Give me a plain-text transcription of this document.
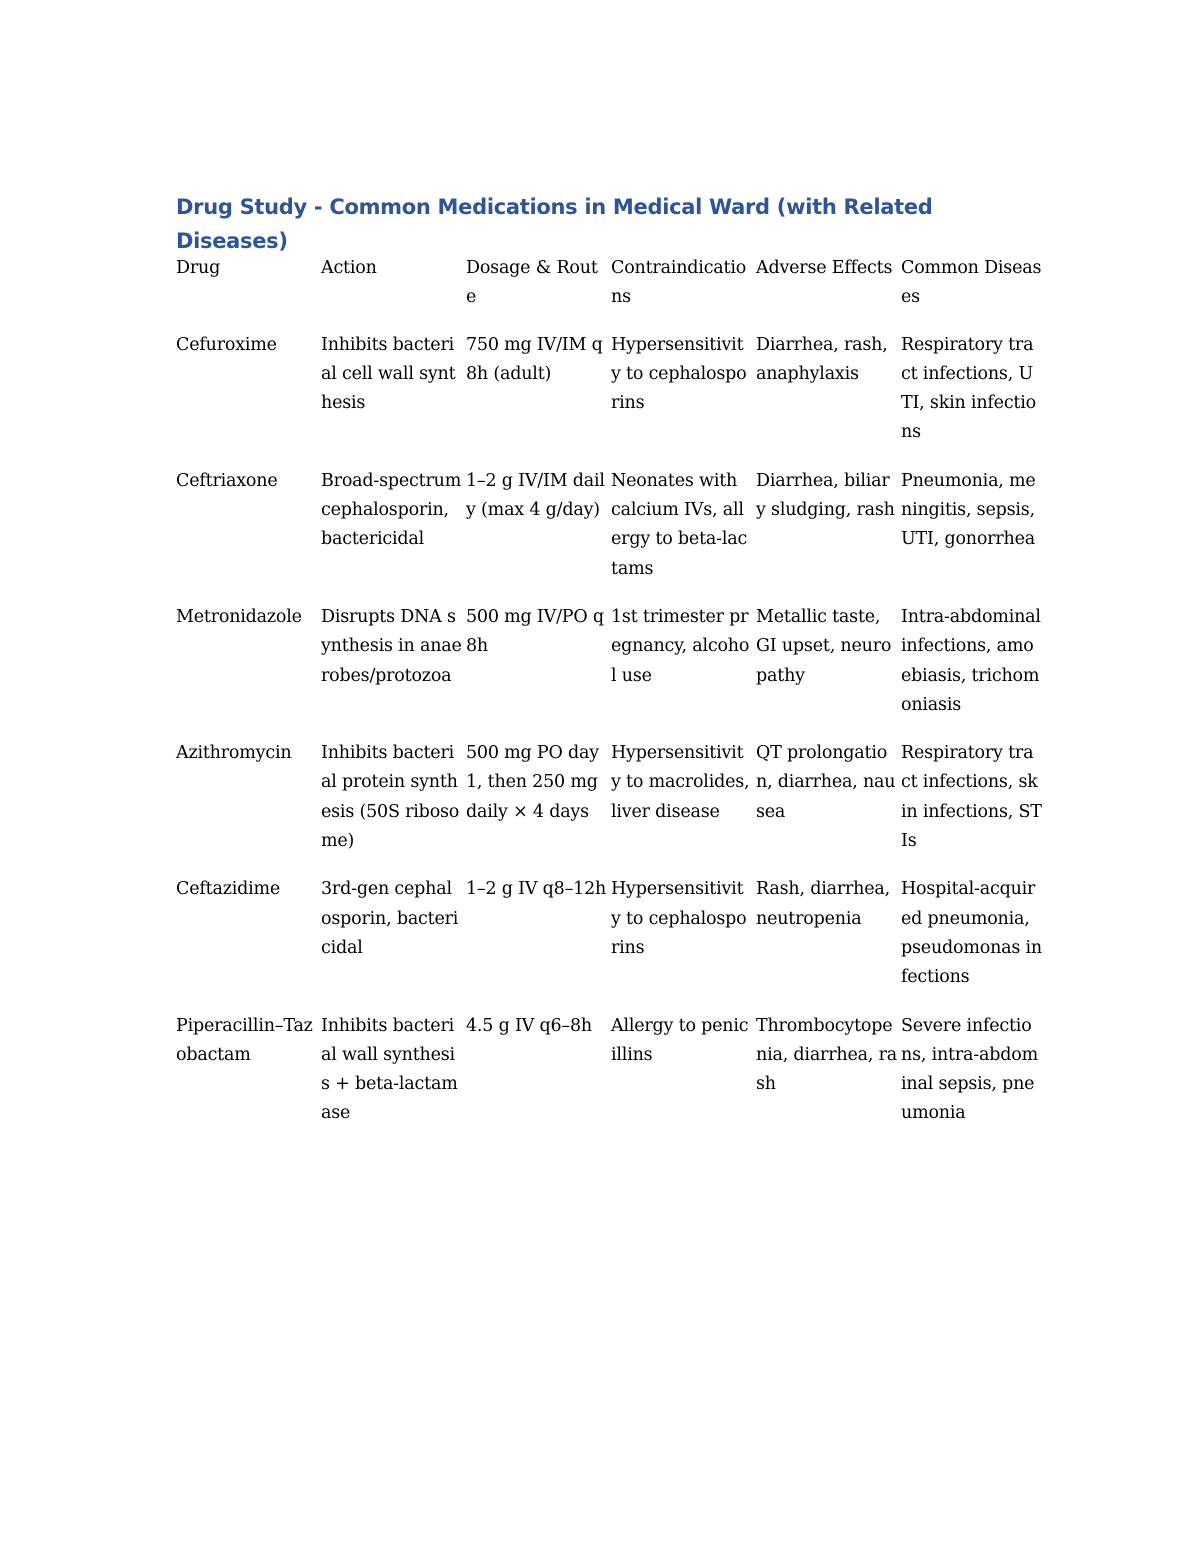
Drug Study - Common Medications in Medical Ward (with Related Diseases)
Drug	Action	Dosage & Route	Contraindications	Adverse Effects	Common Diseases
Cefuroxime	Inhibits bacterial cell wall synthesis	750 mg IV/IM q8h (adult)	Hypersensitivity to cephalosporins	Diarrhea, rash, anaphylaxis	Respiratory tract infections, UTI, skin infections
Ceftriaxone	Broad-spectrum cephalosporin, bactericidal	1–2 g IV/IM daily (max 4 g/day)	Neonates with calcium IVs, allergy to beta-lactams	Diarrhea, biliary sludging, rash	Pneumonia, meningitis, sepsis, UTI, gonorrhea
Metronidazole	Disrupts DNA synthesis in anaerobes/protozoa	500 mg IV/PO q8h	1st trimester pregnancy, alcohol use	Metallic taste, GI upset, neuropathy	Intra-abdominal infections, amoebiasis, trichomoniasis
Azithromycin	Inhibits bacterial protein synthesis (50S ribosome)	500 mg PO day 1, then 250 mg daily × 4 days	Hypersensitivity to macrolides, liver disease	QT prolongation, diarrhea, nausea	Respiratory tract infections, skin infections, STIs
Ceftazidime	3rd-gen cephalosporin, bactericidal	1–2 g IV q8–12h	Hypersensitivity to cephalosporins	Rash, diarrhea, neutropenia	Hospital-acquired pneumonia, pseudomonas infections
Piperacillin–Tazobactam	Inhibits bacterial wall synthesis + beta-lactamase	4.5 g IV q6–8h	Allergy to penicillins	Thrombocytopenia, diarrhea, rash	Severe infections, intra-abdominal sepsis, pneumonia
